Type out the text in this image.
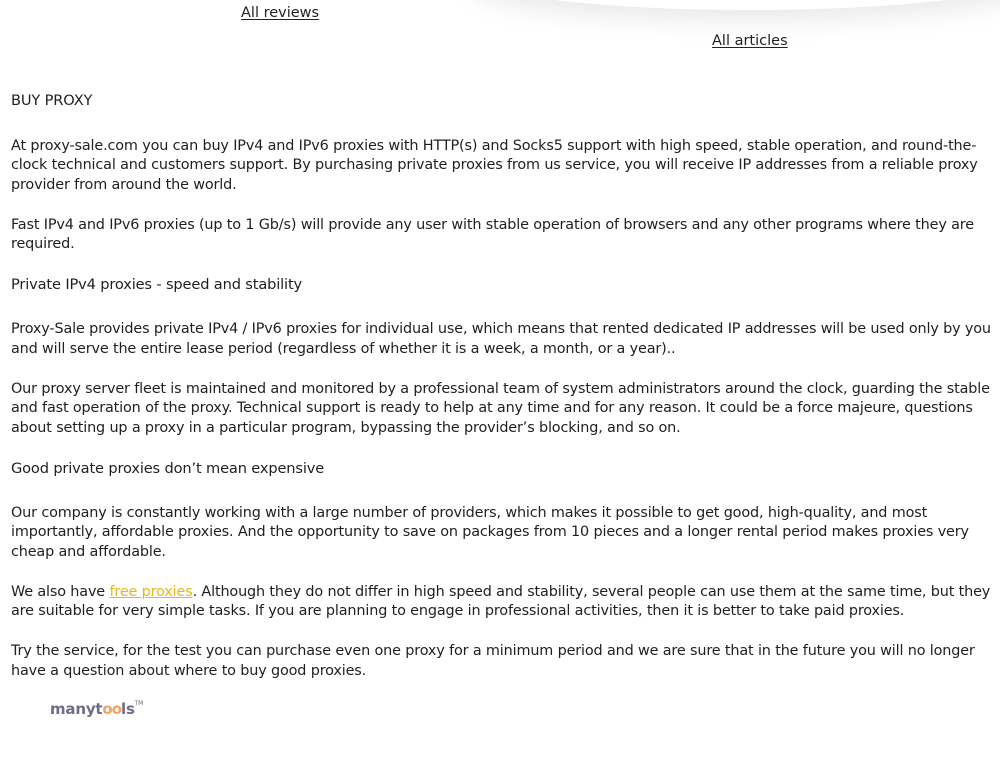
All reviews
All articles
BUY PROXY

At proxy-sale.com you can buy IPv4 and IPv6 proxies with HTTP(s) and Socks5 support with high speed, stable operation, and round-the-clock technical and customers support. By purchasing private proxies from us service, you will receive IP addresses from a reliable proxy provider from around the world.

Fast IPv4 and IPv6 proxies (up to 1 Gb/s) will provide any user with stable operation of browsers and any other programs where they are required.

Private IPv4 proxies - speed and stability

Proxy-Sale provides private IPv4 / IPv6 proxies for individual use, which means that rented dedicated IP addresses will be used only by you and will serve the entire lease period (regardless of whether it is a week, a month, or a year)..

Our proxy server fleet is maintained and monitored by a professional team of system administrators around the clock, guarding the stable and fast operation of the proxy. Technical support is ready to help at any time and for any reason. It could be a force majeure, questions about setting up a proxy in a particular program, bypassing the provider’s blocking, and so on.

Good private proxies don’t mean expensive

Our company is constantly working with a large number of providers, which makes it possible to get good, high-quality, and most importantly, affordable proxies. And the opportunity to save on packages from 10 pieces and a longer rental period makes proxies very cheap and affordable.

We also have free proxies. Although they do not differ in high speed and stability, several people can use them at the same time, but they are suitable for very simple tasks. If you are planning to engage in professional activities, then it is better to take paid proxies.

Try the service, for the test you can purchase even one proxy for a minimum period and we are sure that in the future you will no longer have a question about where to buy good proxies.

manytools™
